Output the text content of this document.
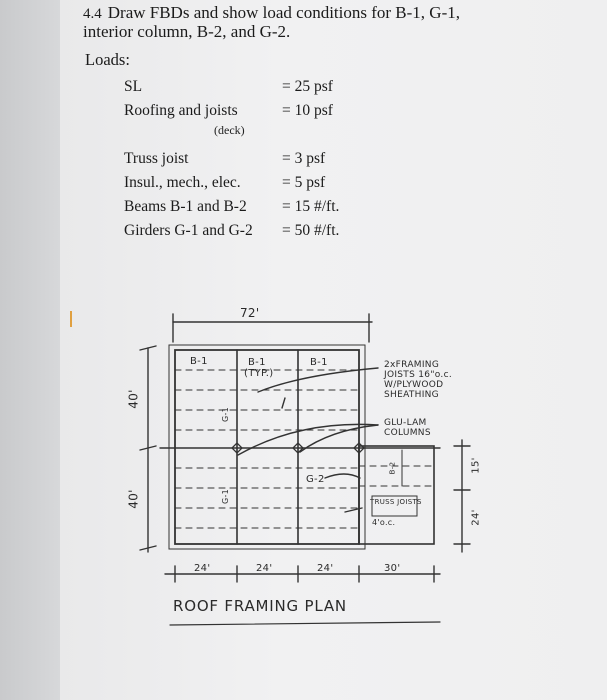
4.4 Draw FBDs and show load conditions for B-1, G-1,
interior column, B-2, and G-2.
Loads:
SL	= 25 psf
Roofing and joists	= 10 psf
(deck)
Truss joist	= 3 psf
Insul., mech., elec.	= 5 psf
Beams B-1 and B-2 = 15 #/ft.
Girders G-1 and G-2 = 50 #/ft.
72'
40'
40'
24'	24'	24'	30'
15'
24'
B-1	B-1
(TYP.)
B-1
G-1
G-1
G-2
2xFRAMING
JOISTS 16"o.c.
W/PLYWOOD
SHEATHING
GLU-LAM
COLUMNS
B-2
TRUSS JOISTS
4'o.c.
ROOF FRAMING PLAN
